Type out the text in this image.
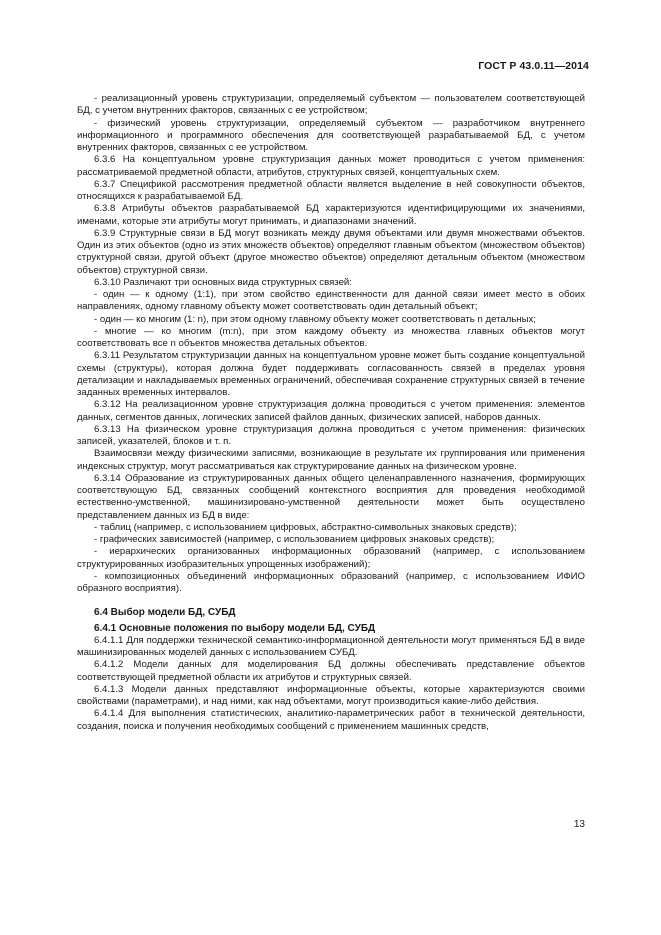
ГОСТ Р 43.0.11—2014

- реализационный уровень структуризации, определяемый субъектом — пользователем соответствующей БД, с учетом внутренних факторов, связанных с ее устройством;

- физический уровень структуризации, определяемый субъектом — разработчиком внутреннего информационного и программного обеспечения для соответствующей разрабатываемой БД, с учетом внутренних факторов, связанных с ее устройством.

6.3.6 На концептуальном уровне структуризация данных может проводиться с учетом применения: рассматриваемой предметной области, атрибутов, структурных связей, концептуальных схем.

6.3.7 Спецификой рассмотрения предметной области является выделение в ней совокупности объектов, относящихся к разрабатываемой БД.

6.3.8 Атрибуты объектов разрабатываемой БД характеризуются идентифицирующими их значениями, именами, которые эти атрибуты могут принимать, и диапазонами значений.

6.3.9 Структурные связи в БД могут возникать между двумя объектами или двумя множествами объектов. Один из этих объектов (одно из этих множеств объектов) определяют главным объектом (множеством объектов) структурной связи, другой объект (другое множество объектов) определяют детальным объектом (множеством объектов) структурной связи.

6.3.10 Различают три основных вида структурных связей:

- один — к одному (1:1), при этом свойство единственности для данной связи имеет место в обоих направлениях, одному главному объекту может соответствовать один детальный объект;

- один — ко многим (1: n), при этом одному главному объекту может соответствовать n детальных;

- многие — ко многим (m:n), при этом каждому объекту из множества главных объектов могут соответствовать все n объектов множества детальных объектов.

6.3.11 Результатом структуризации данных на концептуальном уровне может быть создание концептуальной схемы (структуры), которая должна будет поддерживать согласованность связей в пределах уровня детализации и накладываемых временных ограничений, обеспечивая сохранение структурных связей в течение заданных временных интервалов.

6.3.12 На реализационном уровне структуризация должна проводиться с учетом применения: элементов данных, сегментов данных, логических записей файлов данных, физических записей, наборов данных.

6.3.13 На физическом уровне структуризация должна проводиться с учетом применения: физических записей, указателей, блоков и т. п.

Взаимосвязи между физическими записями, возникающие в результате их группирования или применения индексных структур, могут рассматриваться как структурирование данных на физическом уровне.

6.3.14 Образование из структурированных данных общего целенаправленного назначения, формирующих соответствующую БД, связанных сообщений контекстного восприятия для проведения необходимой естественно-умственной, машинизировано-умственной деятельности может быть осуществлено представлением данных из БД в виде:

- таблиц (например, с использованием цифровых, абстрактно-символьных знаковых средств);

- графических зависимостей (например, с использованием цифровых знаковых средств);

- иерархических организованных информационных образований (например, с использованием структурированных изобразительных упрощенных изображений);

- композиционных объединений информационных образований (например, с использованием ИФИО образного восприятия).

6.4 Выбор модели БД, СУБД
6.4.1 Основные положения по выбору модели БД, СУБД

6.4.1.1 Для поддержки технической семантико-информационной деятельности могут применяться БД в виде машинизированных моделей данных с использованием СУБД.

6.4.1.2 Модели данных для моделирования БД должны обеспечивать представление объектов соответствующей предметной области их атрибутов и структурных связей.

6.4.1.3 Модели данных представляют информационные объекты, которые характеризуются своими свойствами (параметрами), и над ними, как над объектами, могут производиться какие-либо действия.

6.4.1.4 Для выполнения статистических, аналитико-параметрических работ в технической деятельности, создания, поиска и получения необходимых сообщений с применением машинных средств,

13
